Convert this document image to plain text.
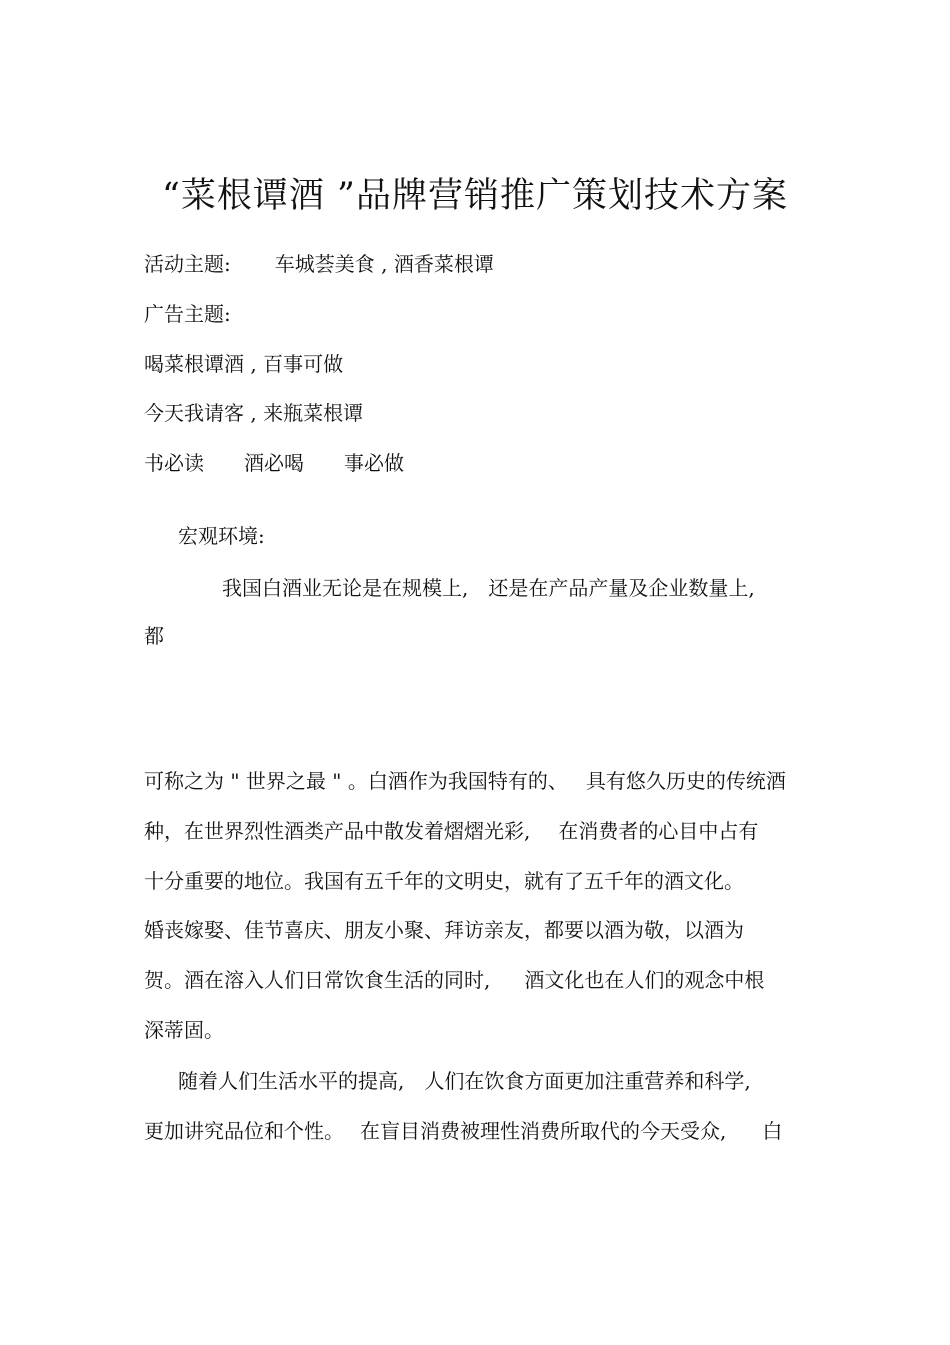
“菜根谭酒 ”品牌营销推广策划技术方案
活动主题: 车城荟美食 , 酒香菜根谭
广告主题:
喝菜根谭酒 , 百事可做
今天我请客 , 来瓶菜根谭
书必读 酒必喝 事必做
宏观环境:
我国白酒业无论是在规模上, 还是在产品产量及企业数量上,
都
可称之为 " 世界之最 " 。白酒作为我国特有的、 具有悠久历史的传统酒
种，在世界烈性酒类产品中散发着熠熠光彩, 在消费者的心目中占有
十分重要的地位。我国有五千年的文明史，就有了五千年的酒文化。
婚丧嫁娶、佳节喜庆、朋友小聚、拜访亲友，都要以酒为敬，以酒为
贺。酒在溶入人们日常饮食生活的同时, 酒文化也在人们的观念中根
深蒂固。
随着人们生活水平的提高, 人们在饮食方面更加注重营养和科学,
更加讲究品位和个性。 在盲目消费被理性消费所取代的今天受众, 白
